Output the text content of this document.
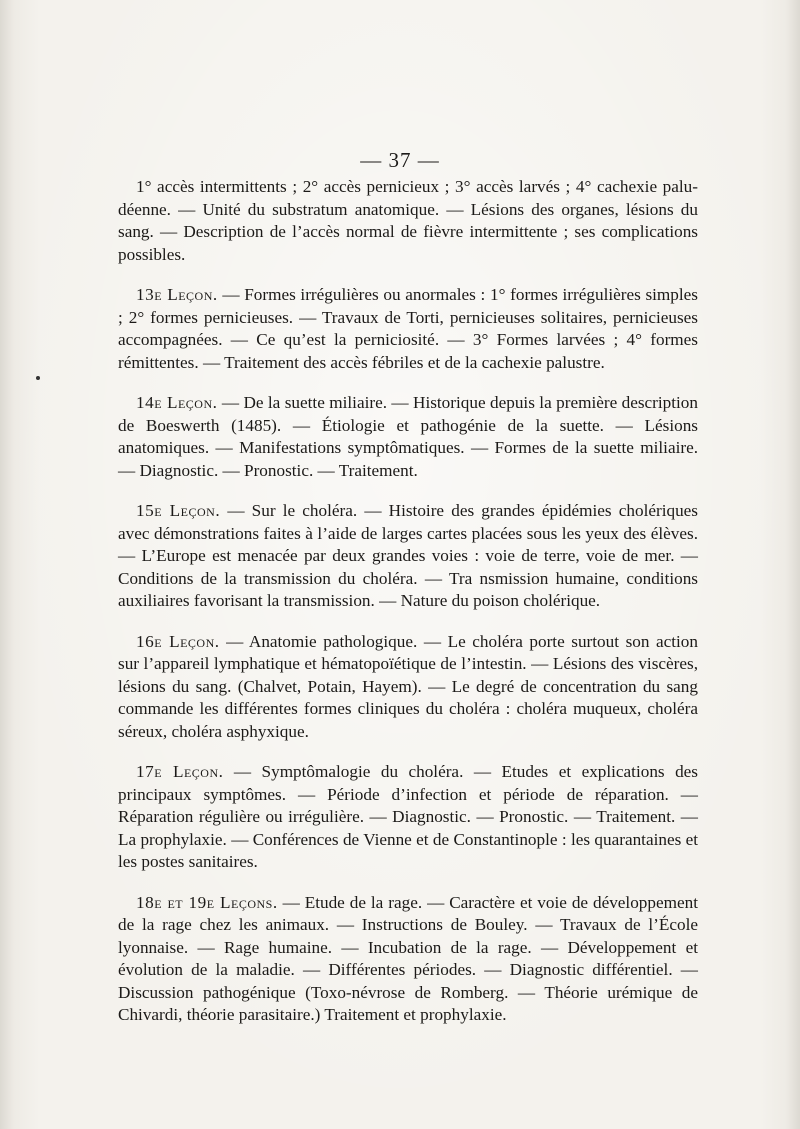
— 37 —

1° accès intermittents ; 2° accès pernicieux ; 3° accès larvés ; 4° cachexie paludéenne. — Unité du substratum anatomique. — Lésions des organes, lésions du sang. — Description de l’accès normal de fièvre intermittente ; ses complications possibles.

13e Leçon. — Formes irrégulières ou anormales : 1° formes irrégulières simples ; 2° formes pernicieuses. — Travaux de Torti, pernicieuses solitaires, pernicieuses accompagnées. — Ce qu’est la perniciosité. — 3° Formes larvées ; 4° formes rémittentes. — Traitement des accès fébriles et de la cachexie palustre.

14e Leçon. — De la suette miliaire. — Historique depuis la première description de Boeswerth (1485). — Étiologie et pathogénie de la suette. — Lésions anatomiques. — Manifestations symptômatiques. — Formes de la suette miliaire. — Diagnostic. — Pronostic. — Traitement.

15e Leçon. — Sur le choléra. — Histoire des grandes épidémies cholériques avec démonstrations faites à l’aide de larges cartes placées sous les yeux des élèves. — L’Europe est menacée par deux grandes voies : voie de terre, voie de mer. — Conditions de la transmission du choléra. — Tra nsmission humaine, conditions auxiliaires favorisant la transmission. — Nature du poison cholérique.

16e Leçon. — Anatomie pathologique. — Le choléra porte surtout son action sur l’appareil lymphatique et hématopoïétique de l’intestin. — Lésions des viscères, lésions du sang. (Chalvet, Potain, Hayem). — Le degré de concentration du sang commande les différentes formes cliniques du choléra : choléra muqueux, choléra séreux, choléra asphyxique.

17e Leçon. — Symptômalogie du choléra. — Etudes et explications des principaux symptômes. — Période d’infection et période de réparation. — Réparation régulière ou irrégulière. — Diagnostic. — Pronostic. — Traitement. — La prophylaxie. — Conférences de Vienne et de Constantinople : les quarantaines et les postes sanitaires.

18e et 19e Leçons. — Etude de la rage. — Caractère et voie de développement de la rage chez les animaux. — Instructions de Bouley. — Travaux de l’École lyonnaise. — Rage humaine. — Incubation de la rage. — Développement et évolution de la maladie. — Différentes périodes. — Diagnostic différentiel. — Discussion pathogénique (Toxo-névrose de Romberg. — Théorie urémique de Chivardi, théorie parasitaire.) Traitement et prophylaxie.
